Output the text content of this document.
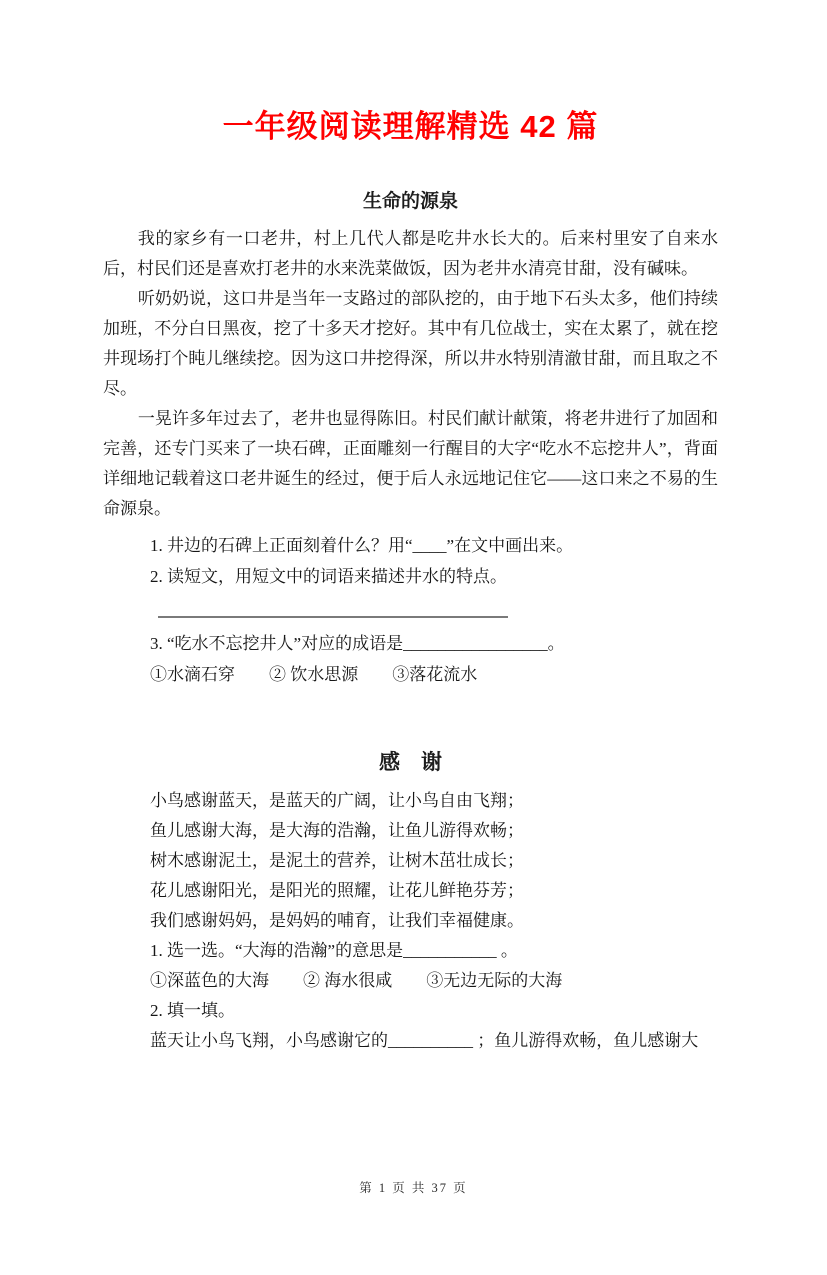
一年级阅读理解精选 42 篇
生命的源泉

我的家乡有一口老井，村上几代人都是吃井水长大的。后来村里安了自来水后，村民们还是喜欢打老井的水来洗菜做饭，因为老井水清亮甘甜，没有碱味。

听奶奶说，这口井是当年一支路过的部队挖的，由于地下石头太多，他们持续加班，不分白日黑夜，挖了十多天才挖好。其中有几位战士，实在太累了，就在挖井现场打个盹儿继续挖。因为这口井挖得深，所以井水特别清澈甘甜，而且取之不尽。

一晃许多年过去了，老井也显得陈旧。村民们献计献策，将老井进行了加固和完善，还专门买来了一块石碑，正面雕刻一行醒目的大字“吃水不忘挖井人”，背面详细地记载着这口老井诞生的经过，便于后人永远地记住它——这口来之不易的生命源泉。

1. 井边的石碑上正面刻着什么？用“____”在文中画出来。

2. 读短文，用短文中的词语来描述井水的特点。

3. “吃水不忘挖井人”对应的成语是_________________。

①水滴石穿　　② 饮水思源　　③落花流水

感　谢

小鸟感谢蓝天，是蓝天的广阔，让小鸟自由飞翔；

鱼儿感谢大海，是大海的浩瀚，让鱼儿游得欢畅；

树木感谢泥土，是泥土的营养，让树木茁壮成长；

花儿感谢阳光，是阳光的照耀，让花儿鲜艳芬芳；

我们感谢妈妈，是妈妈的哺育，让我们幸福健康。

1. 选一选。“大海的浩瀚”的意思是___________ 。

①深蓝色的大海　　② 海水很咸　　③无边无际的大海

2. 填一填。

蓝天让小鸟飞翔，小鸟感谢它的__________ ；鱼儿游得欢畅，鱼儿感谢大

第 1 页 共 37 页
